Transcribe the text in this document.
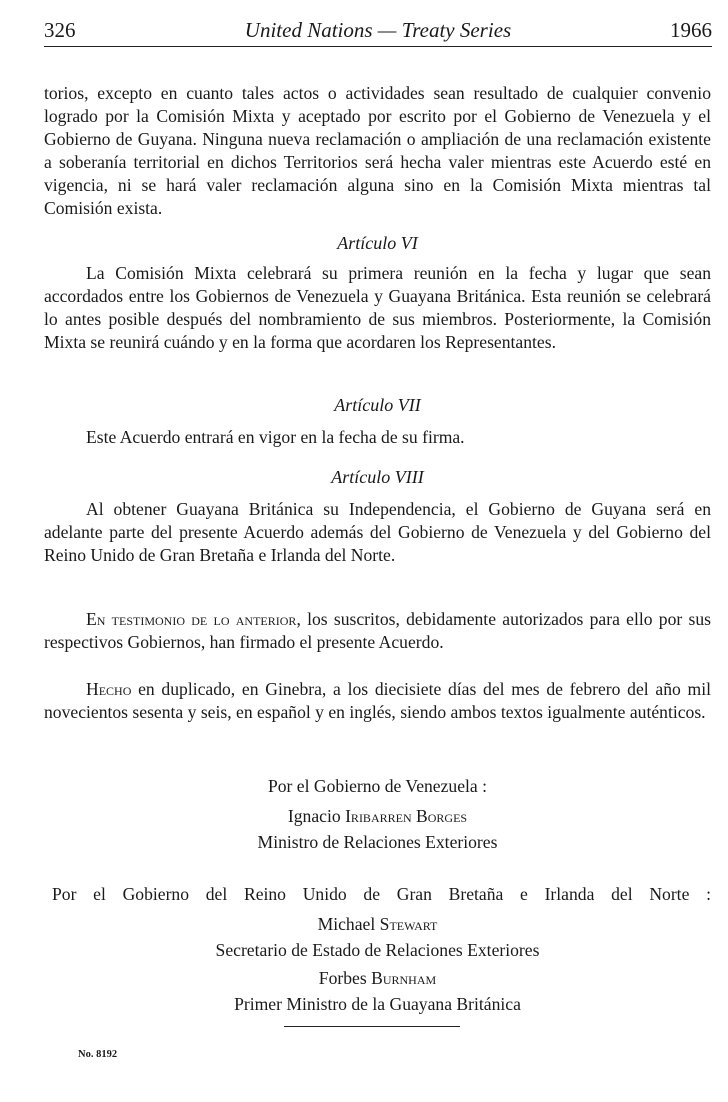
326	United Nations — Treaty Series	1966

torios, excepto en cuanto tales actos o actividades sean resultado de cualquier convenio logrado por la Comisión Mixta y aceptado por escrito por el Gobierno de Venezuela y el Gobierno de Guyana. Ninguna nueva reclamación o ampliación de una reclamación existente a soberanía territorial en dichos Territorios será hecha valer mientras este Acuerdo esté en vigencia, ni se hará valer reclamación alguna sino en la Comisión Mixta mientras tal Comisión exista.

Artículo VI

La Comisión Mixta celebrará su primera reunión en la fecha y lugar que sean accordados entre los Gobiernos de Venezuela y Guayana Británica. Esta reunión se celebrará lo antes posible después del nombramiento de sus miembros. Posteriormente, la Comisión Mixta se reunirá cuándo y en la forma que acordaren los Representantes.

Artículo VII

Este Acuerdo entrará en vigor en la fecha de su firma.

Artículo VIII

Al obtener Guayana Británica su Independencia, el Gobierno de Guyana será en adelante parte del presente Acuerdo además del Gobierno de Venezuela y del Gobierno del Reino Unido de Gran Bretaña e Irlanda del Norte.

En testimonio de lo anterior, los suscritos, debidamente autorizados para ello por sus respectivos Gobiernos, han firmado el presente Acuerdo.

Hecho en duplicado, en Ginebra, a los diecisiete días del mes de febrero del año mil novecientos sesenta y seis, en español y en inglés, siendo ambos textos igualmente auténticos.

Por el Gobierno de Venezuela :

Ignacio Iribarren Borges

Ministro de Relaciones Exteriores

Por el Gobierno del Reino Unido de Gran Bretaña e Irlanda del Norte :

Michael Stewart

Secretario de Estado de Relaciones Exteriores

Forbes Burnham

Primer Ministro de la Guayana Británica

No. 8192
